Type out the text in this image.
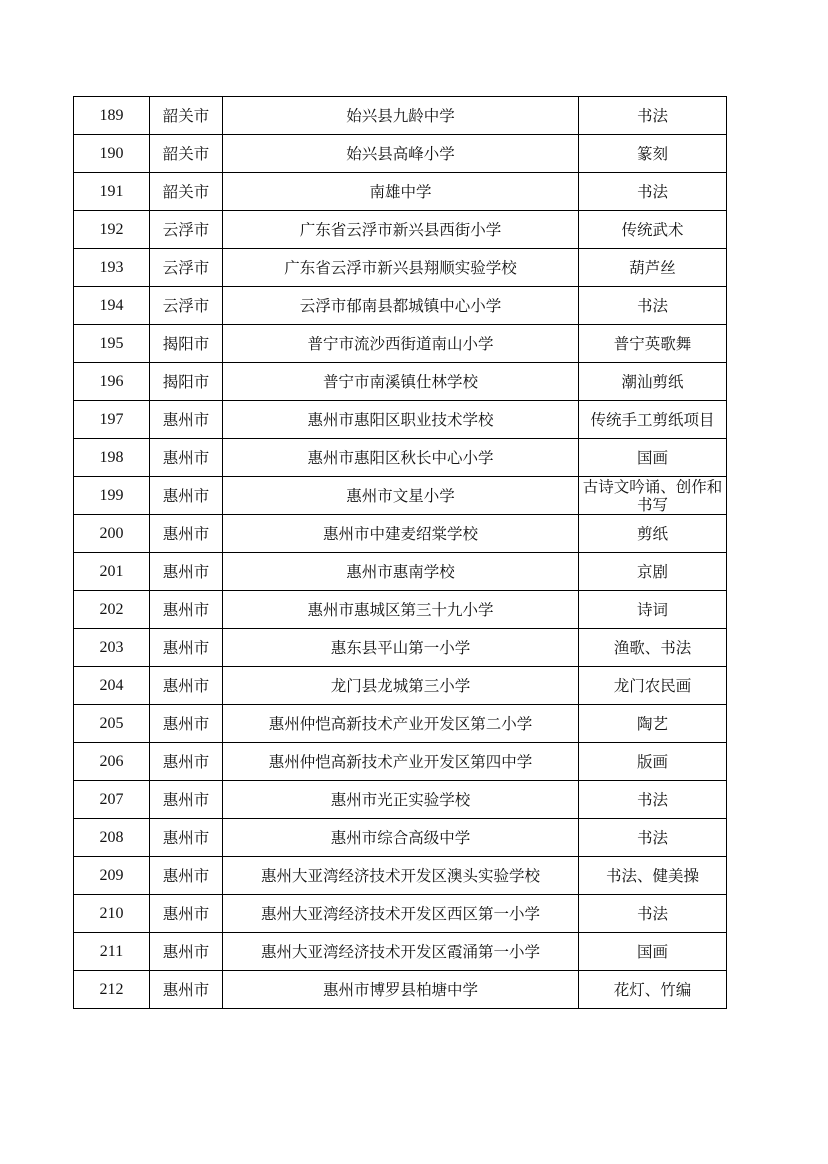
189	韶关市	始兴县九龄中学	书法
190	韶关市	始兴县高峰小学	篆刻
191	韶关市	南雄中学	书法
192	云浮市	广东省云浮市新兴县西街小学	传统武术
193	云浮市	广东省云浮市新兴县翔顺实验学校	葫芦丝
194	云浮市	云浮市郁南县都城镇中心小学	书法
195	揭阳市	普宁市流沙西街道南山小学	普宁英歌舞
196	揭阳市	普宁市南溪镇仕林学校	潮汕剪纸
197	惠州市	惠州市惠阳区职业技术学校	传统手工剪纸项目
198	惠州市	惠州市惠阳区秋长中心小学	国画
199	惠州市	惠州市文星小学	古诗文吟诵、创作和书写
200	惠州市	惠州市中建麦绍棠学校	剪纸
201	惠州市	惠州市惠南学校	京剧
202	惠州市	惠州市惠城区第三十九小学	诗词
203	惠州市	惠东县平山第一小学	渔歌、书法
204	惠州市	龙门县龙城第三小学	龙门农民画
205	惠州市	惠州仲恺高新技术产业开发区第二小学	陶艺
206	惠州市	惠州仲恺高新技术产业开发区第四中学	版画
207	惠州市	惠州市光正实验学校	书法
208	惠州市	惠州市综合高级中学	书法
209	惠州市	惠州大亚湾经济技术开发区澳头实验学校	书法、健美操
210	惠州市	惠州大亚湾经济技术开发区西区第一小学	书法
211	惠州市	惠州大亚湾经济技术开发区霞涌第一小学	国画
212	惠州市	惠州市博罗县柏塘中学	花灯、竹编
